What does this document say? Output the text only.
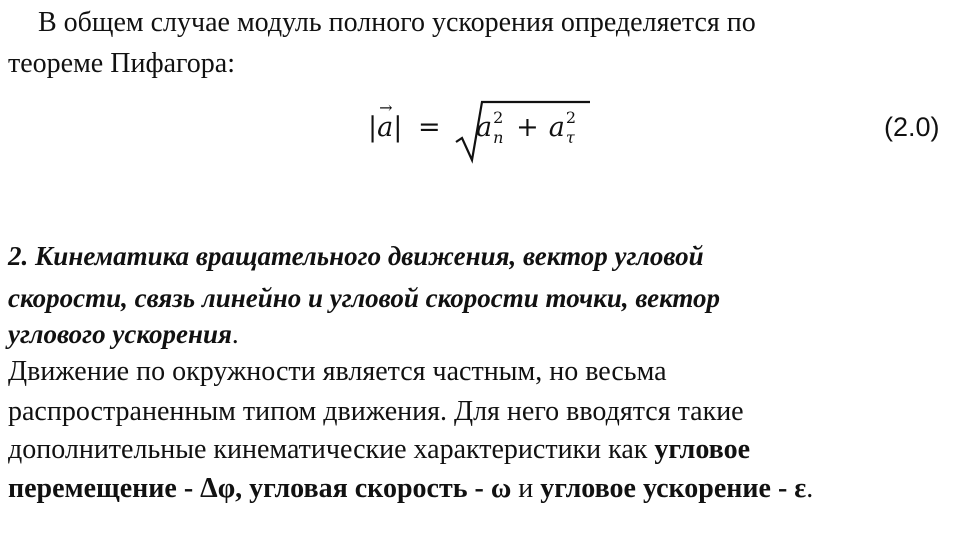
В общем случае модуль полного ускорения определяется по
теореме Пифагора:
|
→
a| = a 2
n + a 2
τ	(2.0)
2. Кинематика вращательного движения, вектор угловой
скорости, связь линейно и угловой скорости точки, вектор
углового ускорения.
Движение по окружности является частным, но весьма
распространенным типом движения. Для него вводятся такие
дополнительные кинематические характеристики как угловое
перемещение - Δφ, угловая скорость - ω и угловое ускорение - ε.
